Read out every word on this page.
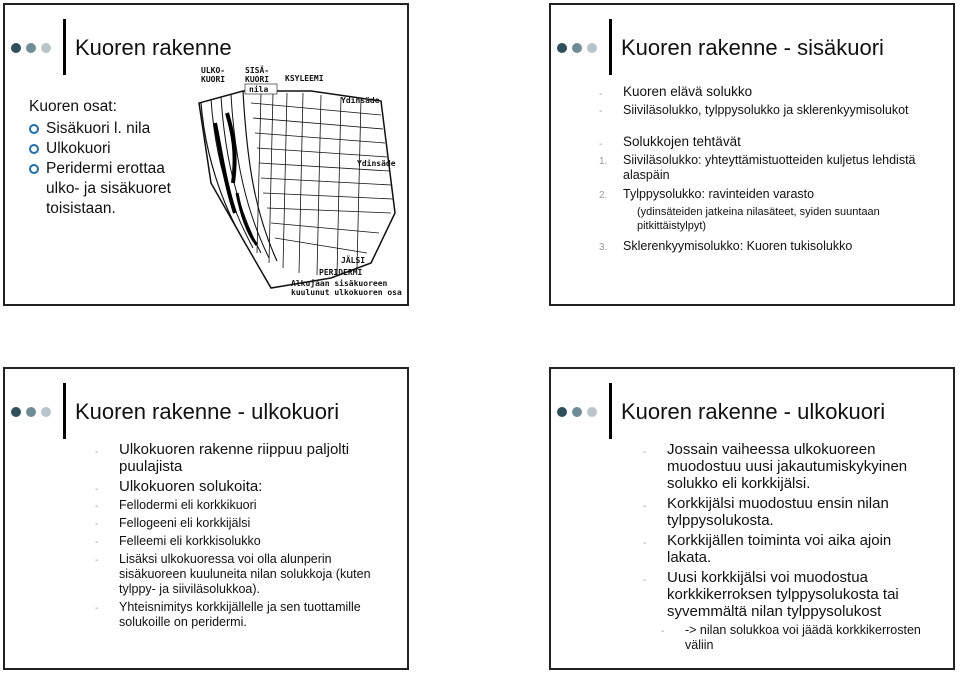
Kuoren rakenne
Kuoren osat:
Sisäkuori l. nila
Ulkokuori
Peridermi erottaa ulko- ja sisäkuoret toisistaan.
ULKO-
KUORI
SISÄ-
KUORI
nila
KSYLEEMI
Ydinsäde
Ydinsäde
JÄLSI
PERIDERMI
Alkujaan sisäkuoreen
kuulunut ulkokuoren osa
Kuoren rakenne - sisäkuori
- Kuoren elävä solukko
- Siiviläsolukko, tylppysolukko ja sklerenkyymisolukot
- Solukkojen tehtävät
1. Siiviläsolukko: yhteyttämistuotteiden kuljetus lehdistä alaspäin
2. Tylppysolukko: ravinteiden varasto
(ydinsäteiden jatkeina nilasäteet, syiden suuntaan pitkittäistylpyt)
3. Sklerenkyymisolukko: Kuoren tukisolukko
Kuoren rakenne - ulkokuori
- Ulkokuoren rakenne riippuu paljolti puulajista
- Ulkokuoren solukoita:
- Fellodermi eli korkkikuori
- Fellogeeni eli korkkijälsi
- Felleemi eli korkkisolukko
- Lisäksi ulkokuoressa voi olla alunperin sisäkuoreen kuuluneita nilan solukkoja (kuten tylppy- ja siiviläsolukkoa).
- Yhteisnimitys korkkijällelle ja sen tuottamille solukoille on peridermi.
Kuoren rakenne - ulkokuori
- Jossain vaiheessa ulkokuoreen muodostuu uusi jakautumiskykyinen solukko eli korkkijälsi.
- Korkkijälsi muodostuu ensin nilan tylppysolukosta.
- Korkkijällen toiminta voi aika ajoin lakata.
- Uusi korkkijälsi voi muodostua korkkikerroksen tylppysolukosta tai syvemmältä nilan tylppysolukost
- -> nilan solukkoa voi jäädä korkkikerrosten väliin
